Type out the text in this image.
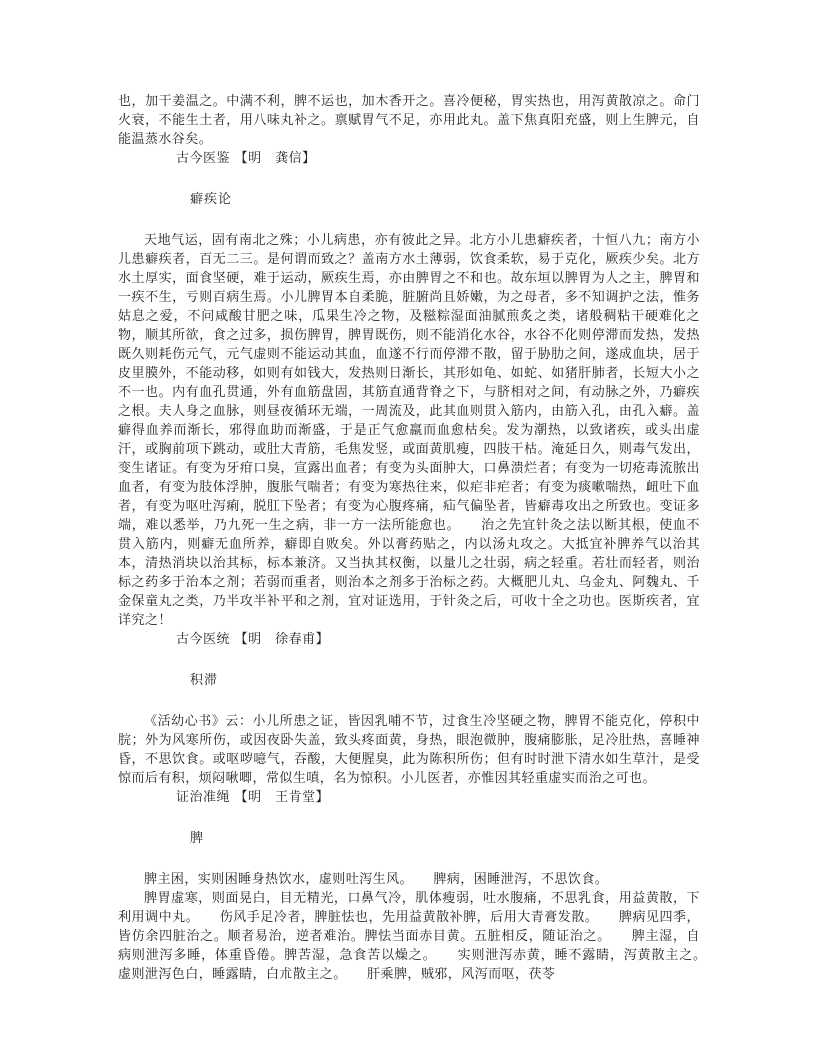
也，加干姜温之。中满不利，脾不运也，加木香开之。喜冷便秘，胃实热也，用泻黄散凉之。命门火衰，不能生土者，用八味丸补之。禀赋胃气不足，亦用此丸。盖下焦真阳充盛，则上生脾元，自能温蒸水谷矣。

古今医鉴 【明　龚信】
癖疾论

天地气运，固有南北之殊；小儿病患，亦有彼此之异。北方小儿患癖疾者，十恒八九；南方小儿患癖疾者，百无二三。是何谓而致之？盖南方水土薄弱，饮食柔软，易于克化，厥疾少矣。北方水土厚实，面食坚硬，难于运动，厥疾生焉，亦由脾胃之不和也。故东垣以脾胃为人之主，脾胃和一疾不生，亏则百病生焉。小儿脾胃本自柔脆，脏腑尚且娇嫩，为之母者，多不知调护之法，惟务姑息之爱，不问咸酸甘肥之味，瓜果生冷之物，及糍粽湿面油腻煎炙之类，诸般稠粘干硬难化之物，顺其所欲，食之过多，损伤脾胃，脾胃既伤，则不能消化水谷，水谷不化则停滞而发热，发热既久则耗伤元气，元气虚则不能运动其血，血遂不行而停滞不散，留于胁肋之间，遂成血块，居于皮里膜外，不能动移，如则有如钱大，发热则日渐长，其形如龟、如蛇、如猪肝肺者，长短大小之不一也。内有血孔贯通，外有血筋盘固，其筋直通背脊之下，与脐相对之间，有动脉之外，乃癖疾之根。夫人身之血脉，则昼夜循环无端，一周流及，此其血则贯入筋内，由筋入孔，由孔入癖。盖癖得血养而渐长，邪得血助而渐盛，于是正气愈羸而血愈枯矣。发为潮热，以致诸疾，或头出虚汗，或胸前项下跳动，或肚大青筋，毛焦发竖，或面黄肌瘦，四肢干枯。淹延日久，则毒气发出，变生诸证。有变为牙疳口臭，宣露出血者；有变为头面肿大，口鼻溃烂者；有变为一切疮毒流脓出血者，有变为肢体浮肿，腹胀气喘者；有变为寒热往来，似疟非疟者；有变为痰嗽喘热，衄吐下血者，有变为呕吐泻痢，脱肛下坠者；有变为心腹疼痛，疝气偏坠者，皆癖毒攻出之所致也。变证多端，难以悉举，乃九死一生之病，非一方一法所能愈也。　　治之先宜针灸之法以断其根，使血不贯入筋内，则癖无血所养，癖即自败矣。外以膏药贴之，内以汤丸攻之。大抵宜补脾养气以治其本，清热消块以治其标，标本兼济。又当执其权衡，以量儿之壮弱，病之轻重。若壮而轻者，则治标之药多于治本之剂；若弱而重者，则治本之剂多于治标之药。大概肥儿丸、乌金丸、阿魏丸、千金保童丸之类，乃半攻半补平和之剂，宜对证选用，于针灸之后，可收十全之功也。医斯疾者，宜详究之！

古今医统 【明　徐春甫】
积滞

《活幼心书》云：小儿所患之证，皆因乳哺不节，过食生冷坚硬之物，脾胃不能克化，停积中脘；外为风寒所伤，或因夜卧失盖，致头疼面黄，身热，眼泡微肿，腹痛膨胀，足冷肚热，喜睡神昏，不思饮食。或呕哕噫气，吞酸，大便腥臭，此为陈积所伤；但有时时泄下清水如生草汁，是受惊而后有积，烦闷啾唧，常似生嗔，名为惊积。小儿医者，亦惟因其轻重虚实而治之可也。

证治准绳 【明　王肯堂】
脾

脾主困，实则困睡身热饮水，虚则吐泻生风。　　脾病，困睡泄泻，不思饮食。

脾胃虚寒，则面晃白，目无精光，口鼻气冷，肌体瘦弱，吐水腹痛，不思乳食，用益黄散，下利用调中丸。　　伤风手足冷者，脾脏怯也，先用益黄散补脾，后用大青膏发散。　　脾病见四季，皆仿余四脏治之。顺者易治，逆者难治。脾怯当面赤目黄。五脏相反，随证治之。　　脾主湿，自病则泄泻多睡，体重昏倦。脾苦湿，急食苦以燥之。　　实则泄泻赤黄，睡不露睛，泻黄散主之。　　虚则泄泻色白，睡露睛，白朮散主之。　　肝乘脾，贼邪，风泻而呕，茯苓
